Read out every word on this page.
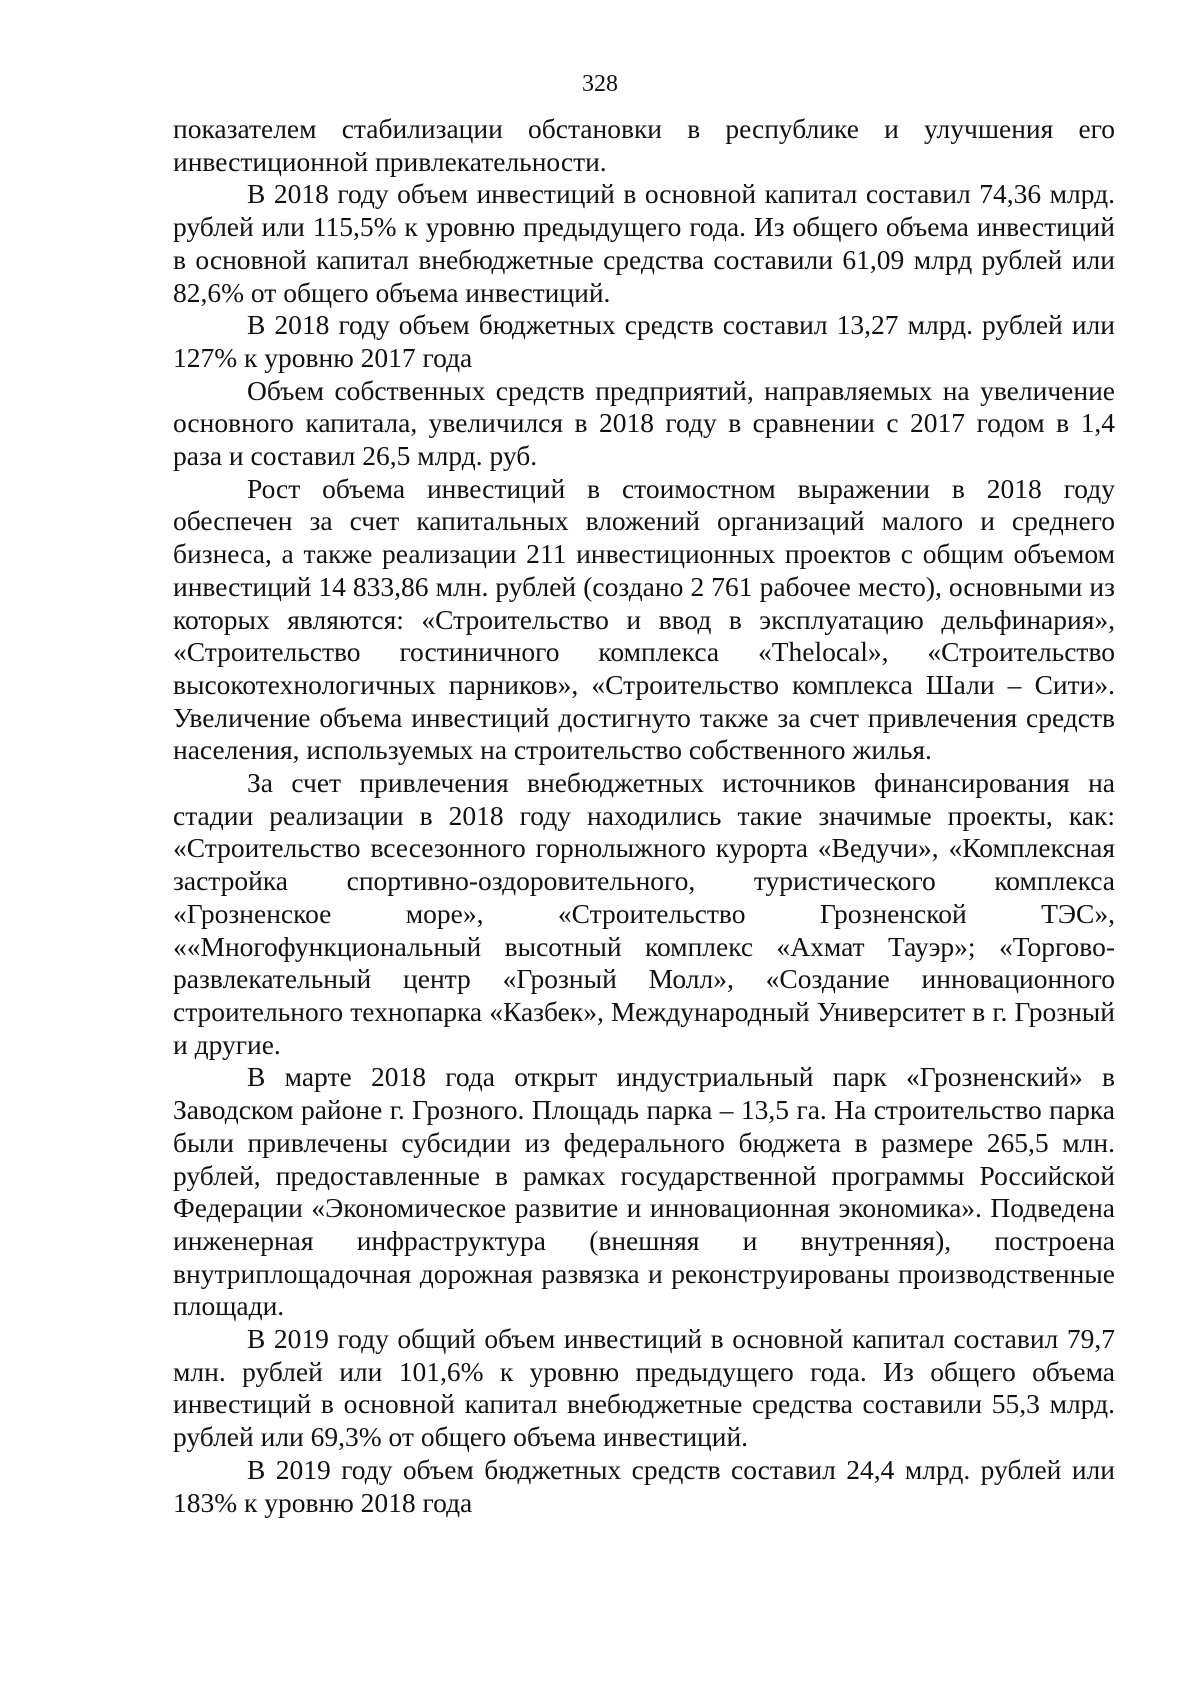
328

показателем стабилизации обстановки в республике и улучшения его инвестиционной привлекательности.

В 2018 году объем инвестиций в основной капитал составил 74,36 млрд. рублей или 115,5% к уровню предыдущего года. Из общего объема инвестиций в основной капитал внебюджетные средства составили 61,09 млрд рублей или 82,6% от общего объема инвестиций.

В 2018 году объем бюджетных средств составил 13,27 млрд. рублей или 127% к уровню 2017 года

Объем собственных средств предприятий, направляемых на увеличение основного капитала, увеличился в 2018 году в сравнении с 2017 годом в 1,4 раза и составил 26,5 млрд. руб.

Рост объема инвестиций в стоимостном выражении в 2018 году обеспечен за счет капитальных вложений организаций малого и среднего бизнеса, а также реализации 211 инвестиционных проектов с общим объемом инвестиций 14 833,86 млн. рублей (создано 2 761 рабочее место), основными из которых являются: «Строительство и ввод в эксплуатацию дельфинария», «Строительство гостиничного комплекса «Thelocal», «Строительство высокотехнологичных парников», «Строительство комплекса Шали – Сити». Увеличение объема инвестиций достигнуто также за счет привлечения средств населения, используемых на строительство собственного жилья.

За счет привлечения внебюджетных источников финансирования на стадии реализации в 2018 году находились такие значимые проекты, как: «Строительство всесезонного горнолыжного курорта «Ведучи», «Комплексная застройка спортивно-оздоровительного, туристического комплекса «Грозненское море», «Строительство Грозненской ТЭС», ««Многофункциональный высотный комплекс «Ахмат Тауэр»; «Торгово-развлекательный центр «Грозный Молл», «Создание инновационного строительного технопарка «Казбек», Международный Университет в г. Грозный и другие.

В марте 2018 года открыт индустриальный парк «Грозненский» в Заводском районе г. Грозного. Площадь парка – 13,5 га. На строительство парка были привлечены субсидии из федерального бюджета в размере 265,5 млн. рублей, предоставленные в рамках государственной программы Российской Федерации «Экономическое развитие и инновационная экономика». Подведена инженерная инфраструктура (внешняя и внутренняя), построена внутриплощадочная дорожная развязка и реконструированы производственные площади.

В 2019 году общий объем инвестиций в основной капитал составил 79,7 млн. рублей или 101,6% к уровню предыдущего года. Из общего объема инвестиций в основной капитал внебюджетные средства составили 55,3 млрд. рублей или 69,3% от общего объема инвестиций.

В 2019 году объем бюджетных средств составил 24,4 млрд. рублей или 183% к уровню 2018 года
